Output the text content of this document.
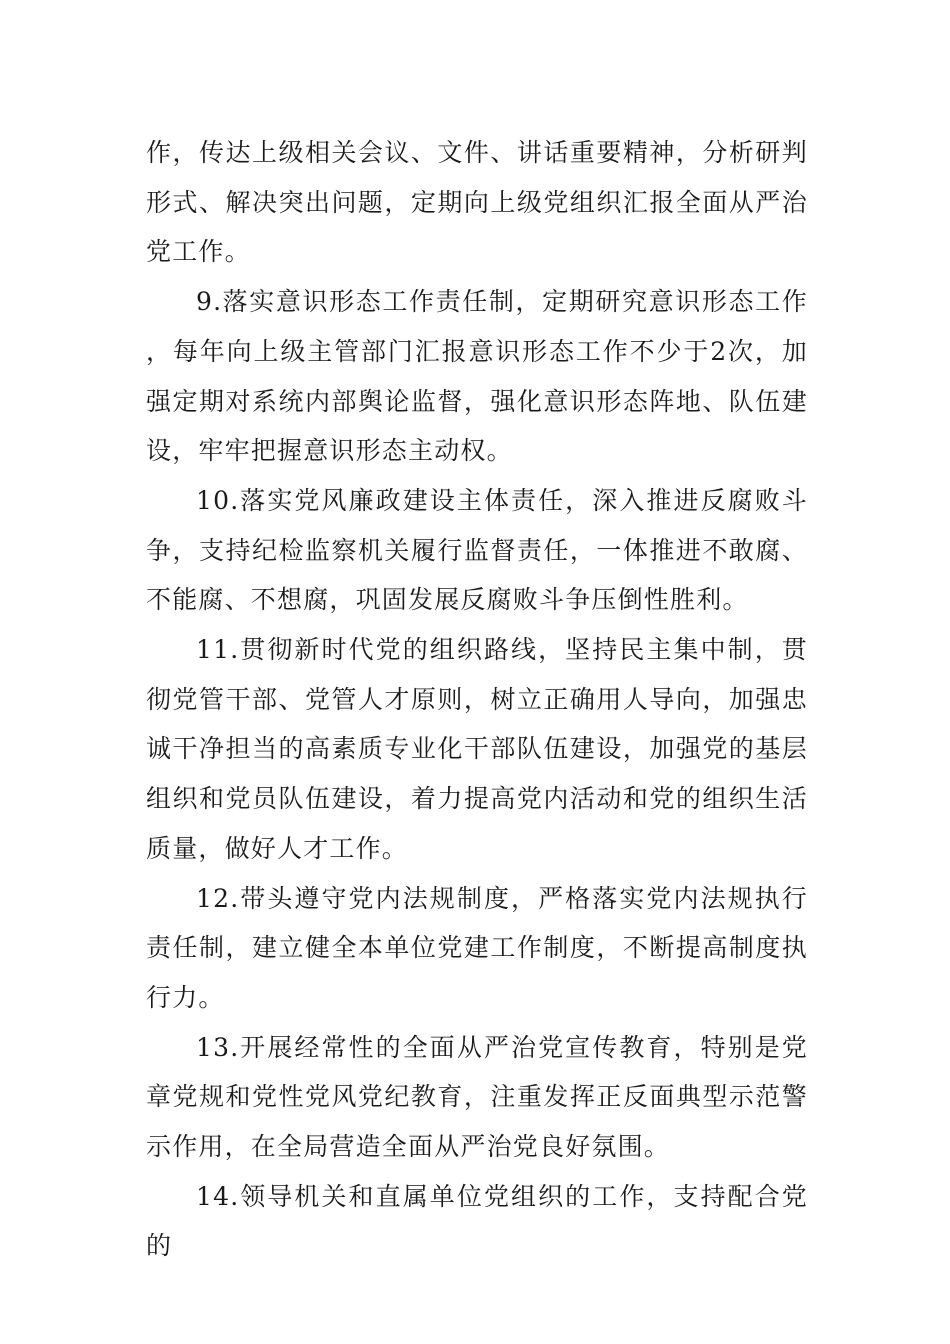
作，传达上级相关会议、文件、讲话重要精神，分析研判形式、解决突出问题，定期向上级党组织汇报全面从严治党工作。

9.落实意识形态工作责任制，定期研究意识形态工作，每年向上级主管部门汇报意识形态工作不少于2次，加强定期对系统内部舆论监督，强化意识形态阵地、队伍建设，牢牢把握意识形态主动权。

10.落实党风廉政建设主体责任，深入推进反腐败斗争，支持纪检监察机关履行监督责任，一体推进不敢腐、不能腐、不想腐，巩固发展反腐败斗争压倒性胜利。

11.贯彻新时代党的组织路线，坚持民主集中制，贯彻党管干部、党管人才原则，树立正确用人导向，加强忠诚干净担当的高素质专业化干部队伍建设，加强党的基层组织和党员队伍建设，着力提高党内活动和党的组织生活质量，做好人才工作。

12.带头遵守党内法规制度，严格落实党内法规执行责任制，建立健全本单位党建工作制度，不断提高制度执行力。

13.开展经常性的全面从严治党宣传教育，特别是党章党规和党性党风党纪教育，注重发挥正反面典型示范警示作用，在全局营造全面从严治党良好氛围。

14.领导机关和直属单位党组织的工作，支持配合党的
